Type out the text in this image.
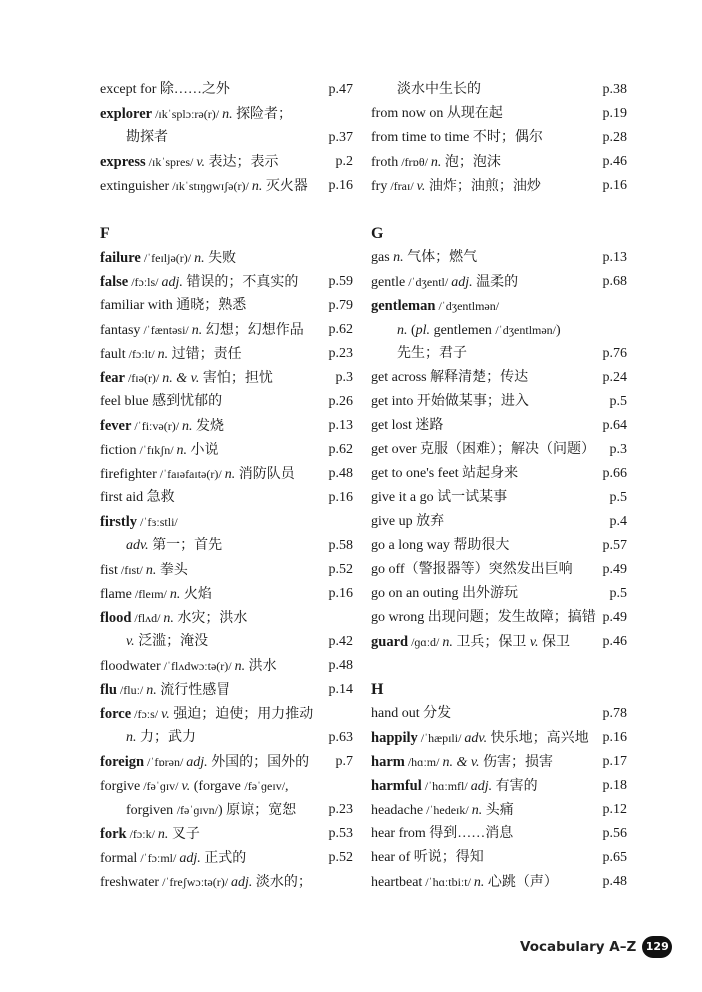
except for 除……之外	p.47
explorer /ɪkˈsplɔːrə(r)/ n. 探险者；
勘探者	p.37
express /ɪkˈspres/ v. 表达；表示	p.2
extinguisher /ɪkˈstɪŋɡwɪʃə(r)/ n. 灭火器 p.16
F
failure /ˈfeɪljə(r)/ n. 失败
false /fɔːls/ adj. 错误的；不真实的 p.59
familiar with 通晓；熟悉	p.79
fantasy /ˈfæntəsi/ n. 幻想；幻想作品 p.62
fault /fɔːlt/ n. 过错；责任	p.23
fear /fɪə(r)/ n. & v. 害怕；担忧	p.3
feel blue 感到忧郁的	p.26
fever /ˈfiːvə(r)/ n. 发烧	p.13
fiction /ˈfɪkʃn/ n. 小说	p.62
firefighter /ˈfaɪəfaɪtə(r)/ n. 消防队员 p.48
first aid 急救	p.16
firstly /ˈfɜːstli/
adv. 第一；首先	p.58
fist /fɪst/ n. 拳头	p.52
flame /fleɪm/ n. 火焰	p.16
flood /flʌd/ n. 水灾；洪水
v. 泛滥；淹没	p.42
floodwater /ˈflʌdwɔːtə(r)/ n. 洪水	p.48
flu /fluː/ n. 流行性感冒	p.14
force /fɔːs/ v. 强迫；迫使；用力推动
n. 力；武力	p.63
foreign /ˈfɒrən/ adj. 外国的；国外的 p.7
forgive /fəˈɡɪv/ v. (forgave /fəˈɡeɪv/,
forgiven /fəˈɡɪvn/) 原谅；宽恕 p.23
fork /fɔːk/ n. 叉子	p.53
formal /ˈfɔːml/ adj. 正式的	p.52
freshwater /ˈfreʃwɔːtə(r)/ adj. 淡水的；
淡水中生长的	p.38
from now on 从现在起	p.19
from time to time 不时；偶尔	p.28
froth /frɒθ/ n. 泡；泡沫	p.46
fry /fraɪ/ v. 油炸；油煎；油炒	p.16
G
gas n. 气体；燃气	p.13
gentle /ˈdʒentl/ adj. 温柔的	p.68
gentleman /ˈdʒentlmən/
n. (pl. gentlemen /ˈdʒentlmən/)
先生；君子	p.76
get across 解释清楚；传达	p.24
get into 开始做某事；进入	p.5
get lost 迷路	p.64
get over 克服（困难）；解决（问题） p.3
get to one's feet 站起身来	p.66
give it a go 试一试某事	p.5
give up 放弃	p.4
go a long way 帮助很大	p.57
go off（警报器等）突然发出巨响 p.49
go on an outing 出外游玩	p.5
go wrong 出现问题；发生故障；搞错 p.49
guard /ɡɑːd/ n. 卫兵；保卫 v. 保卫 p.46
H
hand out 分发	p.78
happily /ˈhæpɪli/ adv. 快乐地；高兴地 p.16
harm /hɑːm/ n. & v. 伤害；损害	p.17
harmful /ˈhɑːmfl/ adj. 有害的	p.18
headache /ˈhedeɪk/ n. 头痛	p.12
hear from 得到……消息	p.56
hear of 听说；得知	p.65
heartbeat /ˈhɑːtbiːt/ n. 心跳（声）	p.48
Vocabulary A–Z 129
